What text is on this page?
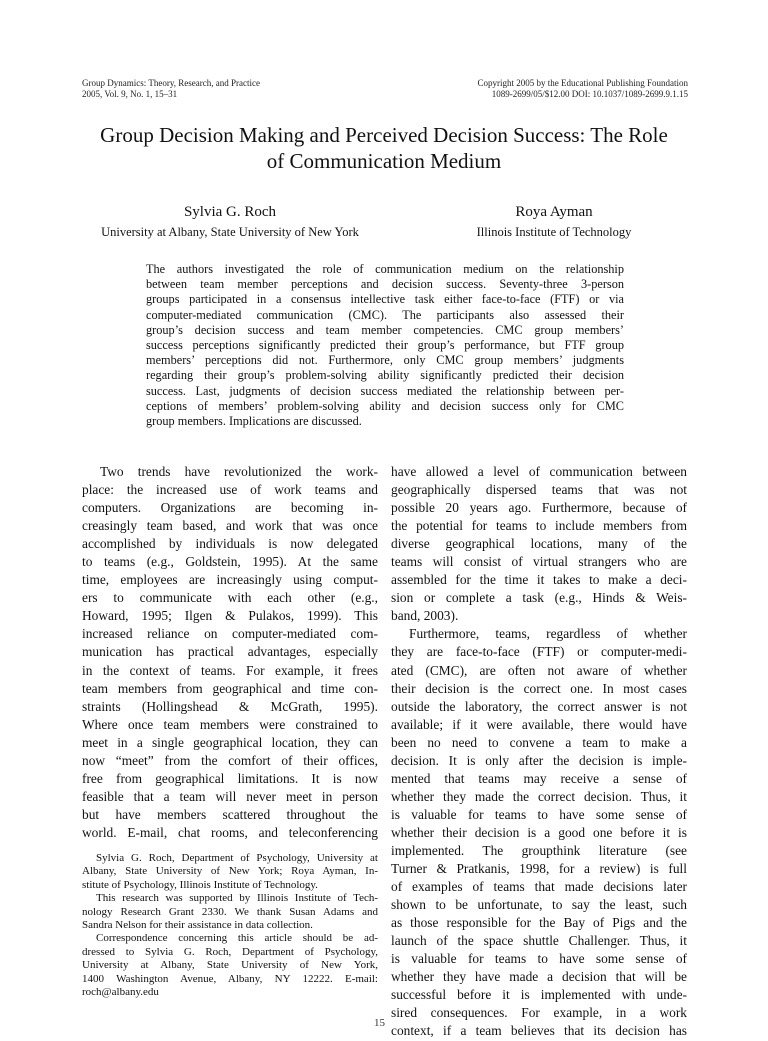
Group Dynamics: Theory, Research, and Practice
2005, Vol. 9, No. 1, 15–31
Copyright 2005 by the Educational Publishing Foundation
1089-2699/05/$12.00 DOI: 10.1037/1089-2699.9.1.15
Group Decision Making and Perceived Decision Success: The Role
of Communication Medium
Sylvia G. Roch
University at Albany, State University of New York
Roya Ayman
Illinois Institute of Technology
The authors investigated the role of communication medium on the relationship
between team member perceptions and decision success. Seventy-three 3-person
groups participated in a consensus intellective task either face-to-face (FTF) or via
computer-mediated communication (CMC). The participants also assessed their
group’s decision success and team member competencies. CMC group members’
success perceptions significantly predicted their group’s performance, but FTF group
members’ perceptions did not. Furthermore, only CMC group members’ judgments
regarding their group’s problem-solving ability significantly predicted their decision
success. Last, judgments of decision success mediated the relationship between per-
ceptions of members’ problem-solving ability and decision success only for CMC
group members. Implications are discussed.
Two trends have revolutionized the work-
place: the increased use of work teams and
computers. Organizations are becoming in-
creasingly team based, and work that was once
accomplished by individuals is now delegated
to teams (e.g., Goldstein, 1995). At the same
time, employees are increasingly using comput-
ers to communicate with each other (e.g.,
Howard, 1995; Ilgen & Pulakos, 1999). This
increased reliance on computer-mediated com-
munication has practical advantages, especially
in the context of teams. For example, it frees
team members from geographical and time con-
straints (Hollingshead & McGrath, 1995).
Where once team members were constrained to
meet in a single geographical location, they can
now “meet” from the comfort of their offices,
free from geographical limitations. It is now
feasible that a team will never meet in person
but have members scattered throughout the
world. E-mail, chat rooms, and teleconferencing
have allowed a level of communication between
geographically dispersed teams that was not
possible 20 years ago. Furthermore, because of
the potential for teams to include members from
diverse geographical locations, many of the
teams will consist of virtual strangers who are
assembled for the time it takes to make a deci-
sion or complete a task (e.g., Hinds & Weis-
band, 2003).
Furthermore, teams, regardless of whether
they are face-to-face (FTF) or computer-medi-
ated (CMC), are often not aware of whether
their decision is the correct one. In most cases
outside the laboratory, the correct answer is not
available; if it were available, there would have
been no need to convene a team to make a
decision. It is only after the decision is imple-
mented that teams may receive a sense of
whether they made the correct decision. Thus, it
is valuable for teams to have some sense of
whether their decision is a good one before it is
implemented. The groupthink literature (see
Turner & Pratkanis, 1998, for a review) is full
of examples of teams that made decisions later
shown to be unfortunate, to say the least, such
as those responsible for the Bay of Pigs and the
launch of the space shuttle Challenger. Thus, it
is valuable for teams to have some sense of
whether they have made a decision that will be
successful before it is implemented with unde-
sired consequences. For example, in a work
context, if a team believes that its decision has
Sylvia G. Roch, Department of Psychology, University at
Albany, State University of New York; Roya Ayman, In-
stitute of Psychology, Illinois Institute of Technology.
This research was supported by Illinois Institute of Tech-
nology Research Grant 2330. We thank Susan Adams and
Sandra Nelson for their assistance in data collection.
Correspondence concerning this article should be ad-
dressed to Sylvia G. Roch, Department of Psychology,
University at Albany, State University of New York,
1400 Washington Avenue, Albany, NY 12222. E-mail:
roch@albany.edu
15
